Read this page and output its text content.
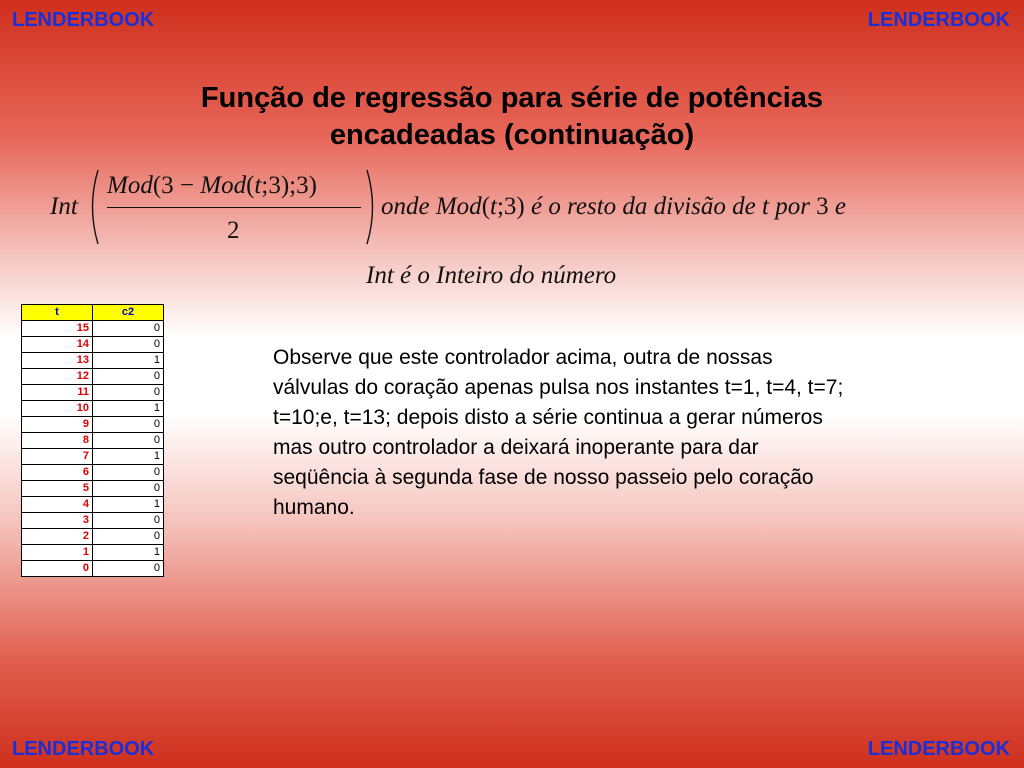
LENDERBOOK	LENDERBOOK
LENDERBOOK	LENDERBOOK
Função de regressão para série de potências
encadeadas (continuação)
Int
Mod(3 − Mod(t;3);3)
2
onde Mod(t;3) é o resto da divisão de t por 3 e
Int é o Inteiro do número
t	c2
15	0
14	0
13	1
12	0
11	0
10	1
9	0
8	0
7	1
6	0
5	0
4	1
3	0
2	0
1	1
0	0
Observe que este controlador acima, outra de nossas
válvulas do coração apenas pulsa nos instantes t=1, t=4, t=7;
t=10;e, t=13; depois disto a série continua a gerar números
mas outro controlador a deixará inoperante para dar
seqüência à segunda fase de nosso passeio pelo coração
humano.
